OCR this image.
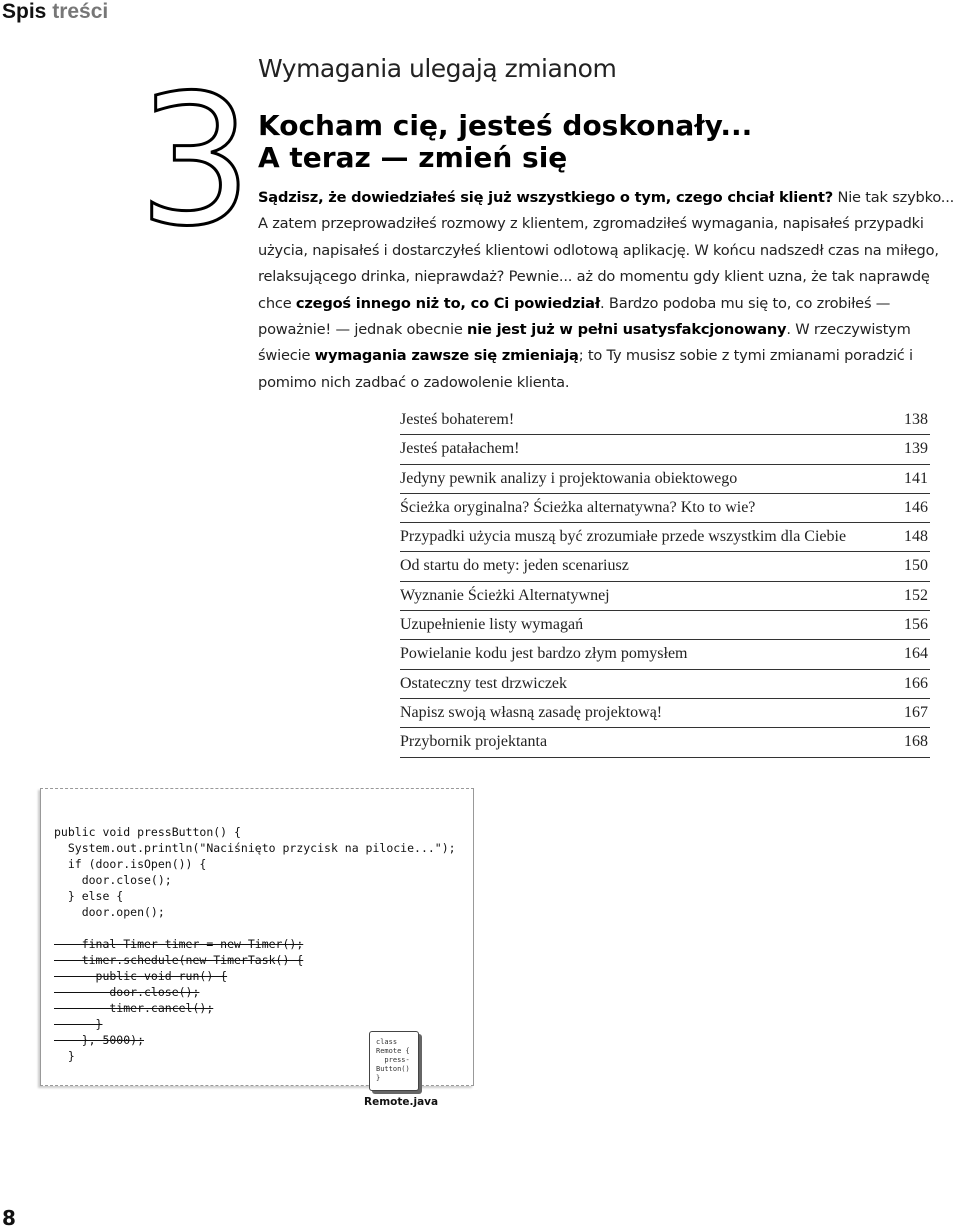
Spis treści
3 Wymagania ulegają zmianom
Kocham cię, jesteś doskonały...
A teraz — zmień się
Sądzisz, że dowiedziałeś się już wszystkiego o tym, czego chciał klient? Nie tak szybko... A zatem przeprowadziłeś rozmowy z klientem, zgromadziłeś wymagania, napisałeś przypadki użycia, napisałeś i dostarczyłeś klientowi odlotową aplikację. W końcu nadszedł czas na miłego, relaksującego drinka, nieprawdaż? Pewnie... aż do momentu gdy klient uzna, że tak naprawdę chce czegoś innego niż to, co Ci powiedział. Bardzo podoba mu się to, co zrobiłeś — poważnie! — jednak obecnie nie jest już w pełni usatysfakcjonowany. W rzeczywistym świecie wymagania zawsze się zmieniają; to Ty musisz sobie z tymi zmianami poradzić i pomimo nich zadbać o zadowolenie klienta.
Jesteś bohaterem!	138
Jesteś patałachem!	139
Jedyny pewnik analizy i projektowania obiektowego	141
Ścieżka oryginalna? Ścieżka alternatywna? Kto to wie?	146
Przypadki użycia muszą być zrozumiałe przede wszystkim dla Ciebie	148
Od startu do mety: jeden scenariusz	150
Wyznanie Ścieżki Alternatywnej	152
Uzupełnienie listy wymagań	156
Powielanie kodu jest bardzo złym pomysłem	164
Ostateczny test drzwiczek	166
Napisz swoją własną zasadę projektową!	167
Przybornik projektanta	168
public void pressButton() {
System.out.println("Naciśnięto przycisk na pilocie...");
if (door.isOpen()) {
door.close();
} else {
door.open();
final Timer timer = new Timer();
timer.schedule(new TimerTask() {
public void run() {
door.close();
timer.cancel();
}
}, 5000);
}
class
Remote {
press-
Button()
}
Remote.java
8
